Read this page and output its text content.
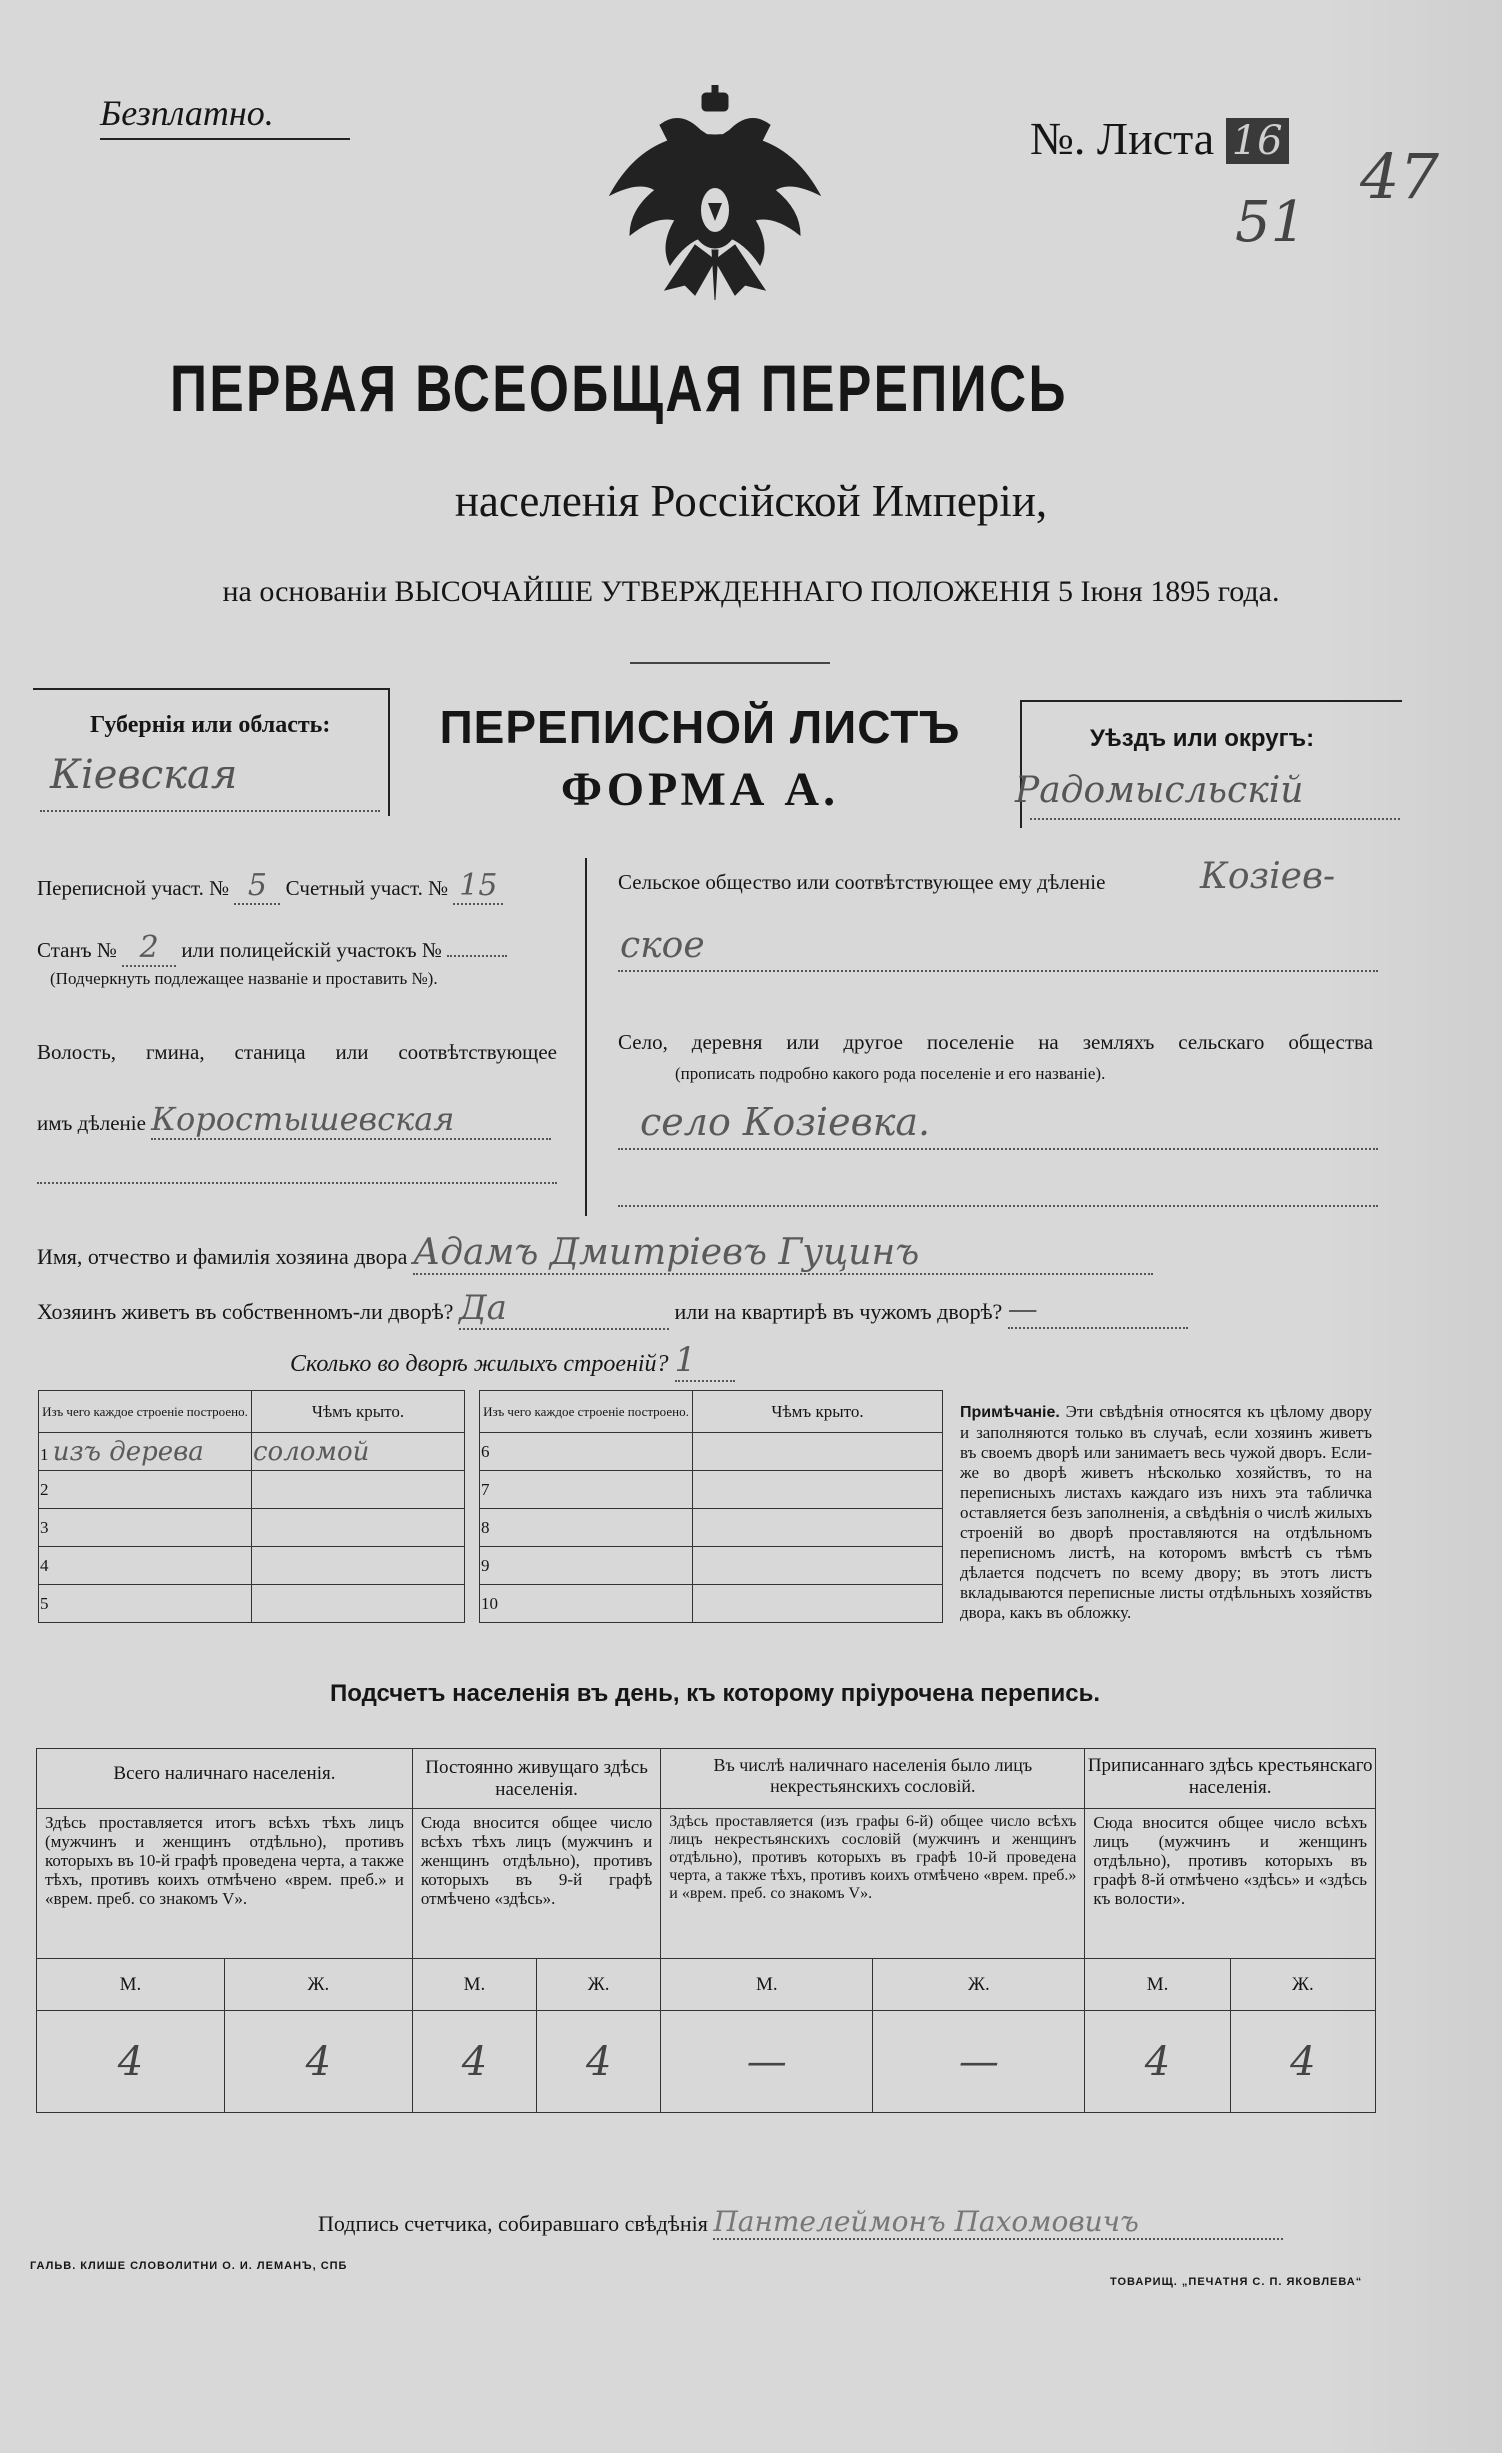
Безплатно.	№. Листа 16
51
47
ПЕРВАЯ ВСЕОБЩАЯ ПЕРЕПИСЬ
населенія Россійской Имперіи,
на основаніи ВЫСОЧАЙШЕ УТВЕРЖДЕННАГО ПОЛОЖЕНІЯ 5 Іюня 1895 года.
Губернія или область:
Кіевская
ПЕРЕПИСНОЙ ЛИСТЪ
ФОРМА А.
Уѣздъ или округъ:
Радомысльскій
Переписной участ. № 5 Счетный участ. № 15
Станъ № 2 или полицейскій участокъ №
(Подчеркнуть подлежащее названіе и проставить №).
Волость, гмина, станица или соотвѣтствующее
имъ дѣленіе Коростышевская
Сельское общество или соотвѣтствующее ему дѣленіе	Козіев-
ское
Село, деревня или другое поселеніе на земляхъ сельскаго общества
(прописать подробно какого рода поселеніе и его названіе).
село Козіевка.
Имя, отчество и фамилія хозяина двора Адамъ Дмитріевъ Гуцинъ
Хозяинъ живетъ въ собственномъ-ли дворѣ? Да	или на квартирѣ въ чужомъ дворѣ? —
Сколько во дворѣ жилыхъ строеній? 1
Изъ чего каждое строеніе построено.	Чѣмъ крыто.		Изъ чего каждое строеніе построено.	Чѣмъ крыто.
1 изъ дерева	соломой		6	
2			7	
3			8	
4			9	
5			10	
Примѣчаніе. Эти свѣдѣнія относятся къ цѣлому двору и заполняются только въ случаѣ, если хозяинъ живетъ въ своемъ дворѣ или занимаетъ весь чужой дворъ. Если-же во дворѣ живетъ нѣсколько хозяйствъ, то на переписныхъ листахъ каждаго изъ нихъ эта табличка оставляется безъ заполненія, а свѣдѣнія о числѣ жилыхъ строеній во дворѣ проставляются на отдѣльномъ переписномъ листѣ, на которомъ вмѣстѣ съ тѣмъ дѣлается подсчетъ по всему двору; въ этотъ листъ вкладываются переписные листы отдѣльныхъ хозяйствъ двора, какъ въ обложку.
Подсчетъ населенія въ день, къ которому пріурочена перепись.
Всего наличнаго населенія.		Постоянно живущаго здѣсь населенія.		Въ числѣ наличнаго населенія было лицъ некрестьянскихъ сословій.		Приписаннаго здѣсь крестьянскаго населенія.	
Здѣсь проставляется итогъ всѣхъ тѣхъ лицъ (мужчинъ и женщинъ отдѣльно), противъ которыхъ въ 10-й графѣ проведена черта, а также тѣхъ, противъ коихъ отмѣчено «врем. преб.» и «врем. преб. со знакомъ V».		Сюда вносится общее число всѣхъ тѣхъ лицъ (мужчинъ и женщинъ отдѣльно), противъ которыхъ въ 9-й графѣ отмѣчено «здѣсь».		Здѣсь проставляется (изъ графы 6-й) общее число всѣхъ лицъ некрестьянскихъ сословій (мужчинъ и женщинъ отдѣльно), противъ которыхъ въ графѣ 10-й проведена черта, а также тѣхъ, противъ коихъ отмѣчено «врем. преб.» и «врем. преб. со знакомъ V».		Сюда вносится общее число всѣхъ лицъ (мужчинъ и женщинъ отдѣльно), противъ которыхъ въ графѣ 8-й отмѣчено «здѣсь» и «здѣсь къ волости».	
М.	Ж.	М.	Ж.	М.	Ж.	М.	Ж.
4	4	4	4	—	—	4	4
Подпись счетчика, собиравшаго свѣдѣнія Пантелеймонъ Пахомовичъ
ГАЛЬВ. КЛИШЕ СЛОВОЛИТНИ О. И. ЛЕМАНЪ, СПБ
ТОВАРИЩ. „ПЕЧАТНЯ С. П. ЯКОВЛЕВА“
